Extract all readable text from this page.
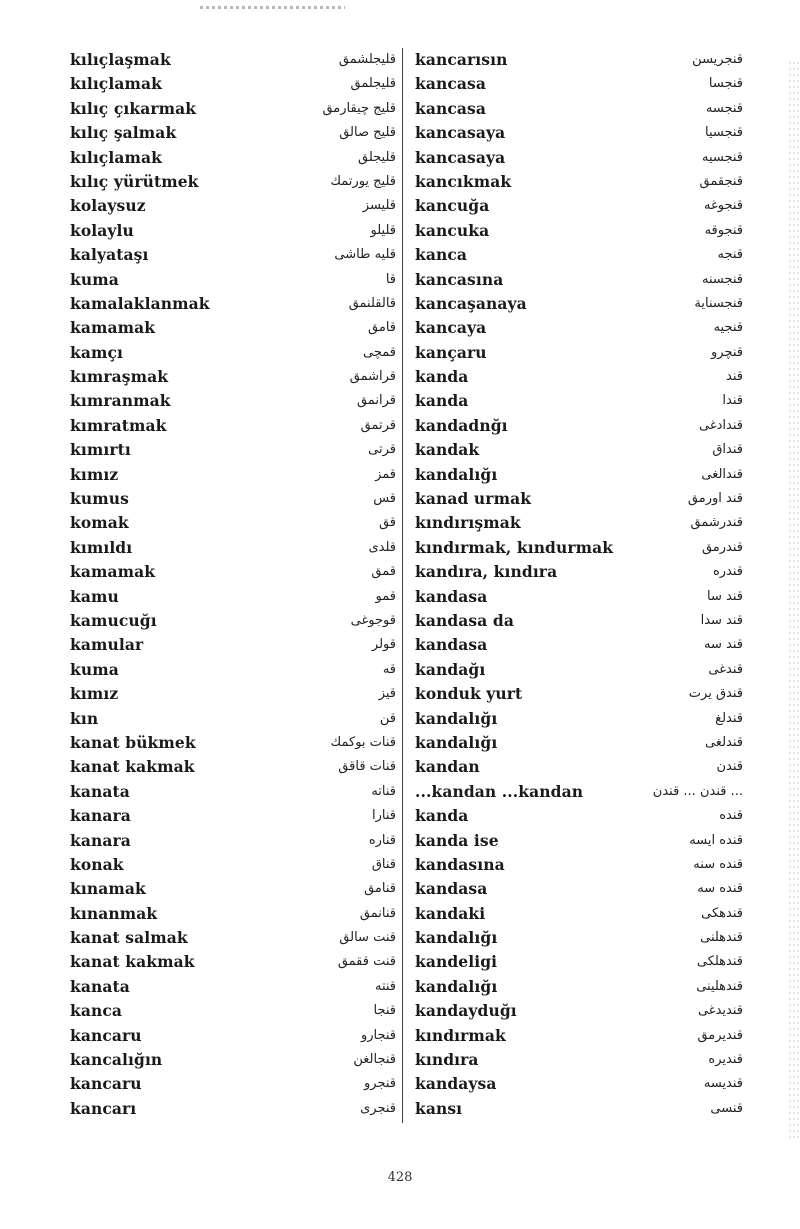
kılıçlaşmak	قليجلشمق
kılıçlamak	قليجلمق
kılıç çıkarmak	قليج چيقارمق
kılıç şalmak	قليج صالق
kılıçlamak	قليجلق
kılıç yürütmek	قليج يورتمك
kolaysuz	قليسز
kolaylu	قليلو
kalyataşı	قليه طاشى
kuma	قا
kamalaklanmak	قالقلنمق
kamamak	قامق
kamçı	قمچى
kımraşmak	قراشمق
kımranmak	قرانمق
kımratmak	قرتمق
kımırtı	قرتى
kımız	قمز
kumus	قس
komak	قق
kımıldı	قلدى
kamamak	قمق
kamu	قمو
kamucuğı	قوجوغى
kamular	قولر
kuma	قه
kımız	قيز
kın	قن
kanat bükmek	قنات بوكمك
kanat kakmak	قنات قاقق
kanata	قناته
kanara	قنارا
kanara	قناره
konak	قناق
kınamak	قنامق
kınanmak	قنانمق
kanat salmak	قنت سالق
kanat kakmak	قنت ققمق
kanata	قنته
kanca	قنجا
kancaru	قنجارو
kancalığın	قنجالغن
kancaru	قنجرو
kancarı	قنجرى
kancarısın	قنجريسن
kancasa	قنجسا
kancasa	قنجسه
kancasaya	قنجسيا
kancasaya	قنجسيه
kancıkmak	قنجقمق
kancuğa	قنجوغه
kancuka	قنجوقه
kanca	قنجه
kancasına	قنجسنه
kancaşanaya	قنجسناية
kancaya	قنجيه
kançaru	قنچرو
kanda	قند
kanda	قندا
kandadnğı	قندادغى
kandak	قنداق
kandalığı	قندالغى
kanad urmak	قند اورمق
kındırışmak	قندرشمق
kındırmak, kındurmak	قندرمق
kandıra, kındıra	قندره
kandasa	قند سا
kandasa da	قند سدا
kandasa	قند سه
kandağı	قندغى
konduk yurt	قندق يرت
kandalığı	قندلغ
kandalığı	قندلغى
kandan	قندن
...kandan ...kandan	... قندن ... قندن
kanda	قنده
kanda ise	قنده ايسه
kandasına	قنده سنه
kandasa	قنده سه
kandaki	قندهكى
kandalığı	قندهلنى
kandeligi	قندهلكى
kandalığı	قندهلينى
kandayduğı	قنديدغى
kındırmak	قنديرمق
kındıra	قنديره
kandaysa	قنديسه
kansı	قنسى
428
